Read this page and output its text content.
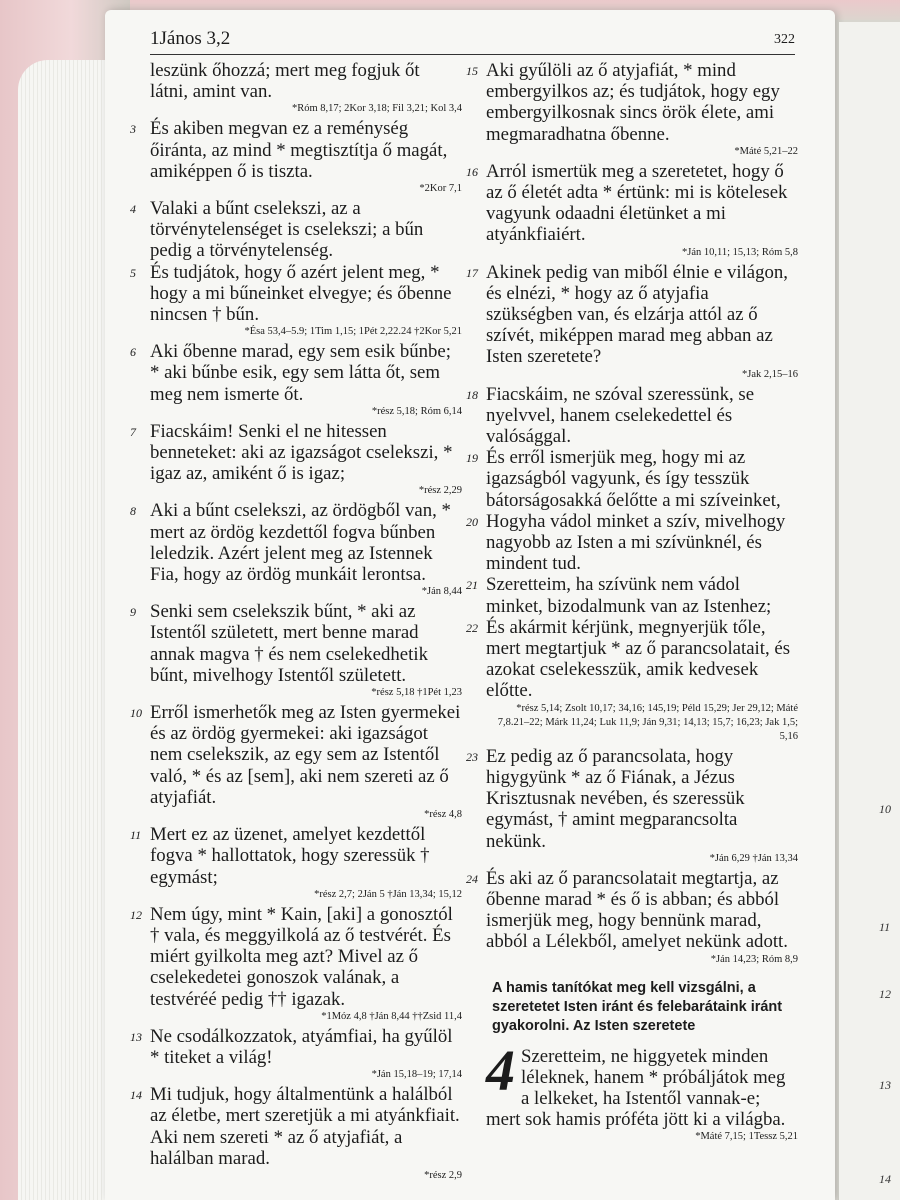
10
11
12
13
14
1János 3,2	322

leszünk őhozzá; mert meg fogjuk őt látni, amint van.

*Róm 8,17; 2Kor 3,18; Fil 3,21; Kol 3,4

3 És akiben megvan ez a reménység őiránta, az mind * megtisztítja ő magát, amiképpen ő is tiszta.

*2Kor 7,1

4 Valaki a bűnt cselekszi, az a törvénytelenséget is cselekszi; a bűn pedig a törvénytelenség.

5 És tudjátok, hogy ő azért jelent meg, * hogy a mi bűneinket elvegye; és őbenne nincsen † bűn.

*Ésa 53,4–5.9; 1Tim 1,15; 1Pét 2,22.24 †2Kor 5,21

6 Aki őbenne marad, egy sem esik bűnbe; * aki bűnbe esik, egy sem látta őt, sem meg nem ismerte őt.

*rész 5,18; Róm 6,14

7 Fiacskáim! Senki el ne hitessen benneteket: aki az igazságot cselekszi, * igaz az, amiként ő is igaz;

*rész 2,29

8 Aki a bűnt cselekszi, az ördögből van, * mert az ördög kezdettől fogva bűnben leledzik. Azért jelent meg az Istennek Fia, hogy az ördög munkáit lerontsa.

*Ján 8,44

9 Senki sem cselekszik bűnt, * aki az Istentől született, mert benne marad annak magva † és nem cselekedhetik bűnt, mivelhogy Istentől született.

*rész 5,18 †1Pét 1,23

10 Erről ismerhetők meg az Isten gyermekei és az ördög gyermekei: aki igazságot nem cselekszik, az egy sem az Istentől való, * és az [sem], aki nem szereti az ő atyjafiát.

*rész 4,8

11 Mert ez az üzenet, amelyet kezdettől fogva * hallottatok, hogy szeressük † egymást;

*rész 2,7; 2Ján 5 †Ján 13,34; 15,12

12 Nem úgy, mint * Kain, [aki] a gonosztól † vala, és meggyilkolá az ő testvérét. És miért gyilkolta meg azt? Mivel az ő cselekedetei gonoszok valának, a testvéréé pedig †† igazak.

*1Móz 4,8 †Ján 8,44 ††Zsid 11,4

13 Ne csodálkozzatok, atyámfiai, ha gyűlöl * titeket a világ!

*Ján 15,18–19; 17,14

14 Mi tudjuk, hogy általmentünk a halálból az életbe, mert szeretjük a mi atyánkfiait. Aki nem szereti * az ő atyjafiát, a halálban marad.

*rész 2,9

15 Aki gyűlöli az ő atyjafiát, * mind embergyilkos az; és tudjátok, hogy egy embergyilkosnak sincs örök élete, ami megmaradhatna őbenne.

*Máté 5,21–22

16 Arról ismertük meg a szeretetet, hogy ő az ő életét adta * értünk: mi is kötelesek vagyunk odaadni életünket a mi atyánkfiaiért.

*Ján 10,11; 15,13; Róm 5,8

17 Akinek pedig van miből élnie e világon, és elnézi, * hogy az ő atyjafia szükségben van, és elzárja attól az ő szívét, miképpen marad meg abban az Isten szeretete?

*Jak 2,15–16

18 Fiacskáim, ne szóval szeressünk, se nyelvvel, hanem cselekedettel és valósággal.

19 És erről ismerjük meg, hogy mi az igazságból vagyunk, és így tesszük bátorságosakká őelőtte a mi szíveinket,

20 Hogyha vádol minket a szív, mivelhogy nagyobb az Isten a mi szívünknél, és mindent tud.

21 Szeretteim, ha szívünk nem vádol minket, bizodalmunk van az Istenhez;

22 És akármit kérjünk, megnyerjük tőle, mert megtartjuk * az ő parancsolatait, és azokat cselekesszük, amik kedvesek előtte.

*rész 5,14; Zsolt 10,17; 34,16; 145,19; Péld 15,29; Jer 29,12; Máté 7,8.21–22; Márk 11,24; Luk 11,9; Ján 9,31; 14,13; 15,7; 16,23; Jak 1,5; 5,16

23 Ez pedig az ő parancsolata, hogy higygyünk * az ő Fiának, a Jézus Krisztusnak nevében, és szeressük egymást, † amint megparancsolta nekünk.

*Ján 6,29 †Ján 13,34

24 És aki az ő parancsolatait megtartja, az őbenne marad * és ő is abban; és abból ismerjük meg, hogy bennünk marad, abból a Lélekből, amelyet nekünk adott.

*Ján 14,23; Róm 8,9
A hamis tanítókat meg kell vizsgálni, a szeretetet Isten iránt és felebarátaink iránt gyakorolni. Az Isten szeretete
4 Szeretteim, ne higgyetek minden léleknek, hanem * próbáljátok meg a lelkeket, ha Istentől vannak-e; mert sok hamis próféta jött ki a világba.
*Máté 7,15; 1Tessz 5,21
